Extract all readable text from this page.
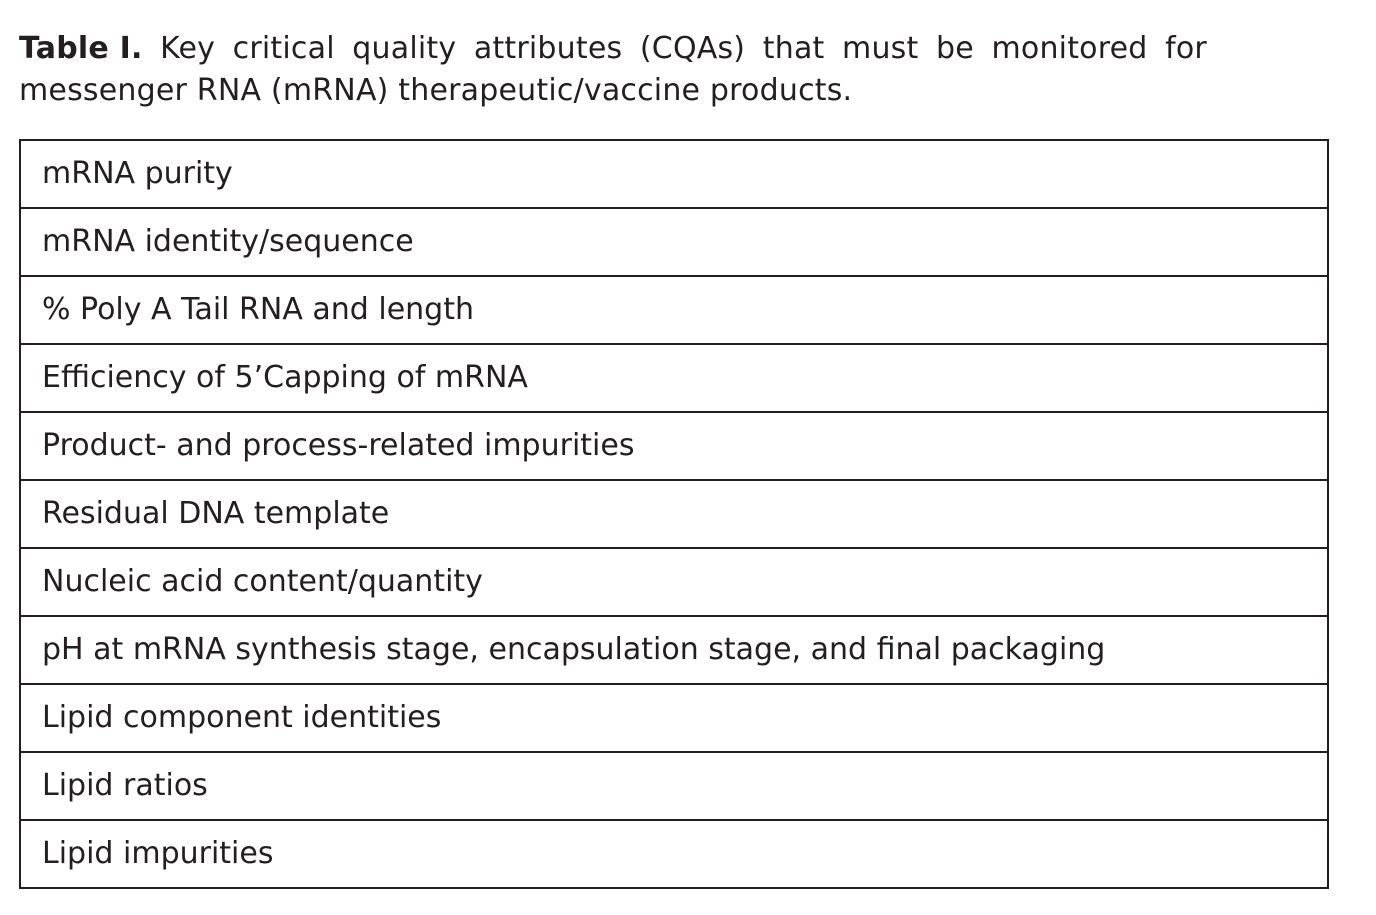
Table I. Key critical quality attributes (CQAs) that must be monitored for
messenger RNA (mRNA) therapeutic/vaccine products.
mRNA purity
mRNA identity/sequence
% Poly A Tail RNA and length
Efficiency of 5’Capping of mRNA
Product- and process-related impurities
Residual DNA template
Nucleic acid content/quantity
pH at mRNA synthesis stage, encapsulation stage, and final packaging
Lipid component identities
Lipid ratios
Lipid impurities
